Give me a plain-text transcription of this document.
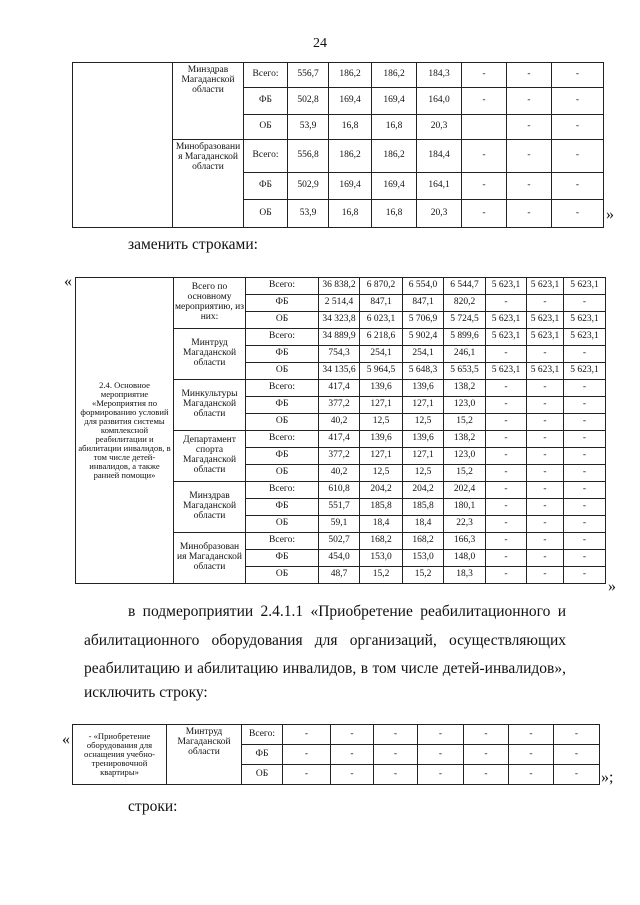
24
	Минздрав Магаданской области	Всего:	556,7	186,2	186,2	184,3	-	-	-
		ФБ	502,8	169,4	169,4	164,0	-	-	-
		ОБ	53,9	16,8	16,8	20,3		-	-
	Минобразовани я Магаданской области	Всего:	556,8	186,2	186,2	184,4	-	-	-
		ФБ	502,9	169,4	169,4	164,1	-	-	-
		ОБ	53,9	16,8	16,8	20,3	-	-	- »
заменить строками:
«
2.4. Основное мероприятие «Мероприятия по формированию условий для развития системы комплексной реабилитации и абилитации инвалидов, в том числе детей-инвалидов, а также ранней помощи»	Всего по основному мероприятию, из них:	Всего:	36 838,2	6 870,2	6 554,0	6 544,7	5 623,1	5 623,1	5 623,1
		ФБ	2 514,4	847,1	847,1	820,2	-	-	-
		ОБ	34 323,8	6 023,1	5 706,9	5 724,5	5 623,1	5 623,1	5 623,1
	Минтруд Магаданской области	Всего:	34 889,9	6 218,6	5 902,4	5 899,6	5 623,1	5 623,1	5 623,1
		ФБ	754,3	254,1	254,1	246,1	-	-	-
		ОБ	34 135,6	5 964,5	5 648,3	5 653,5	5 623,1	5 623,1	5 623,1
	Минкультуры Магаданской области	Всего:	417,4	139,6	139,6	138,2	-	-	-
		ФБ	377,2	127,1	127,1	123,0	-	-	-
		ОБ	40,2	12,5	12,5	15,2	-	-	-
	Департамент спорта Магаданской области	Всего:	417,4	139,6	139,6	138,2	-	-	-
		ФБ	377,2	127,1	127,1	123,0	-	-	-
		ОБ	40,2	12,5	12,5	15,2	-	-	-
	Минздрав Магаданской области	Всего:	610,8	204,2	204,2	202,4	-	-	-
		ФБ	551,7	185,8	185,8	180,1	-	-	-
		ОБ	59,1	18,4	18,4	22,3	-	-	-
	Минобразован ия Магаданской области	Всего:	502,7	168,2	168,2	166,3	-	-	-
		ФБ	454,0	153,0	153,0	148,0	-	-	-
		ОБ	48,7	15,2	15,2	18,3	-	-	-
»
в подмероприятии 2.4.1.1 «Приобретение реабилитационного и
абилитационного оборудования для организаций, осуществляющих
реабилитацию и абилитацию инвалидов, в том числе детей-инвалидов»,
исключить строку:
« - «Приобретение оборудования для оснащения учебно-тренировочной квартиры»	Минтруд Магаданской области	Всего:	-	-	-	-	-	-	-
		ФБ	-	-	-	-	-	-	-
		ОБ	-	-	-	-	-	-	- »;
строки:
